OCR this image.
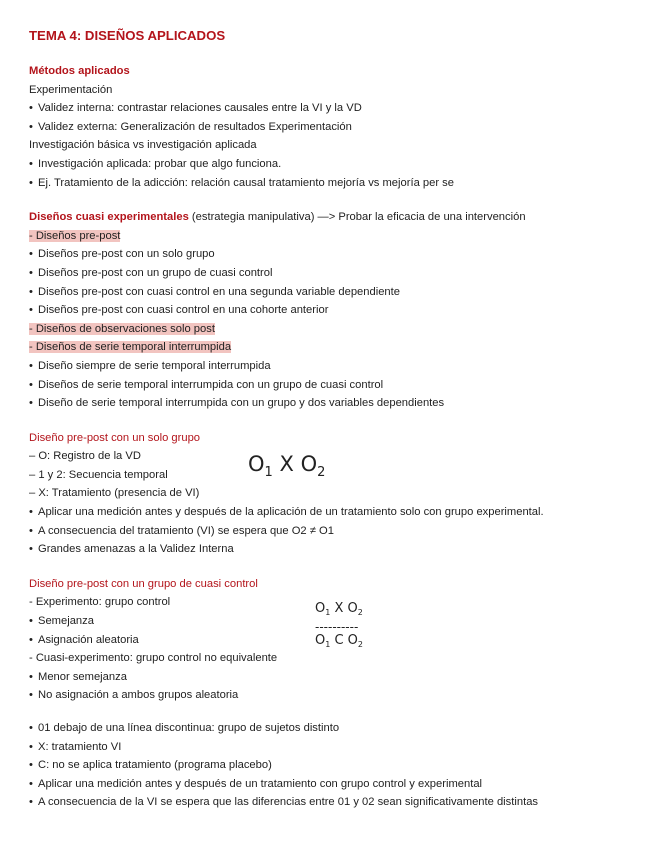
TEMA 4: DISEÑOS APLICADOS
Métodos aplicados
Experimentación
• Validez interna: contrastar relaciones causales entre la VI y la VD
• Validez externa: Generalización de resultados Experimentación
Investigación básica vs investigación aplicada
• Investigación aplicada: probar que algo funciona.
• Ej. Tratamiento de la adicción: relación causal tratamiento mejoría vs mejoría per se
Diseños cuasi experimentales (estrategia manipulativa) —> Probar la eficacia de una intervención
- Diseños pre-post
• Diseños pre-post con un solo grupo
• Diseños pre-post con un grupo de cuasi control
• Diseños pre-post con cuasi control en una segunda variable dependiente
• Diseños pre-post con cuasi control en una cohorte anterior
- Diseños de observaciones solo post
- Diseños de serie temporal interrumpida
• Diseño siempre de serie temporal interrumpida
• Diseños de serie temporal interrumpida con un grupo de cuasi control
• Diseño de serie temporal interrumpida con un grupo y dos variables dependientes
Diseño pre-post con un solo grupo
– O: Registro de la VD
– 1 y 2: Secuencia temporal
– X: Tratamiento (presencia de VI)
• Aplicar una medición antes y después de la aplicación de un tratamiento solo con grupo experimental.
• A consecuencia del tratamiento (VI) se espera que O2 ≠ O1
• Grandes amenazas a la Validez Interna
Diseño pre-post con un grupo de cuasi control
- Experimento: grupo control
• Semejanza
• Asignación aleatoria
- Cuasi-experimento: grupo control no equivalente
• Menor semejanza
• No asignación a ambos grupos aleatoria
• 01 debajo de una línea discontinua: grupo de sujetos distinto
• X: tratamiento VI
• C: no se aplica tratamiento (programa placebo)
• Aplicar una medición antes y después de un tratamiento con grupo control y experimental
• A consecuencia de la VI se espera que las diferencias entre 01 y 02 sean significativamente distintas
$O_1$ X $O_2$
$O_1$ X $O_2$
----------
$O_1$ C $O_2$
